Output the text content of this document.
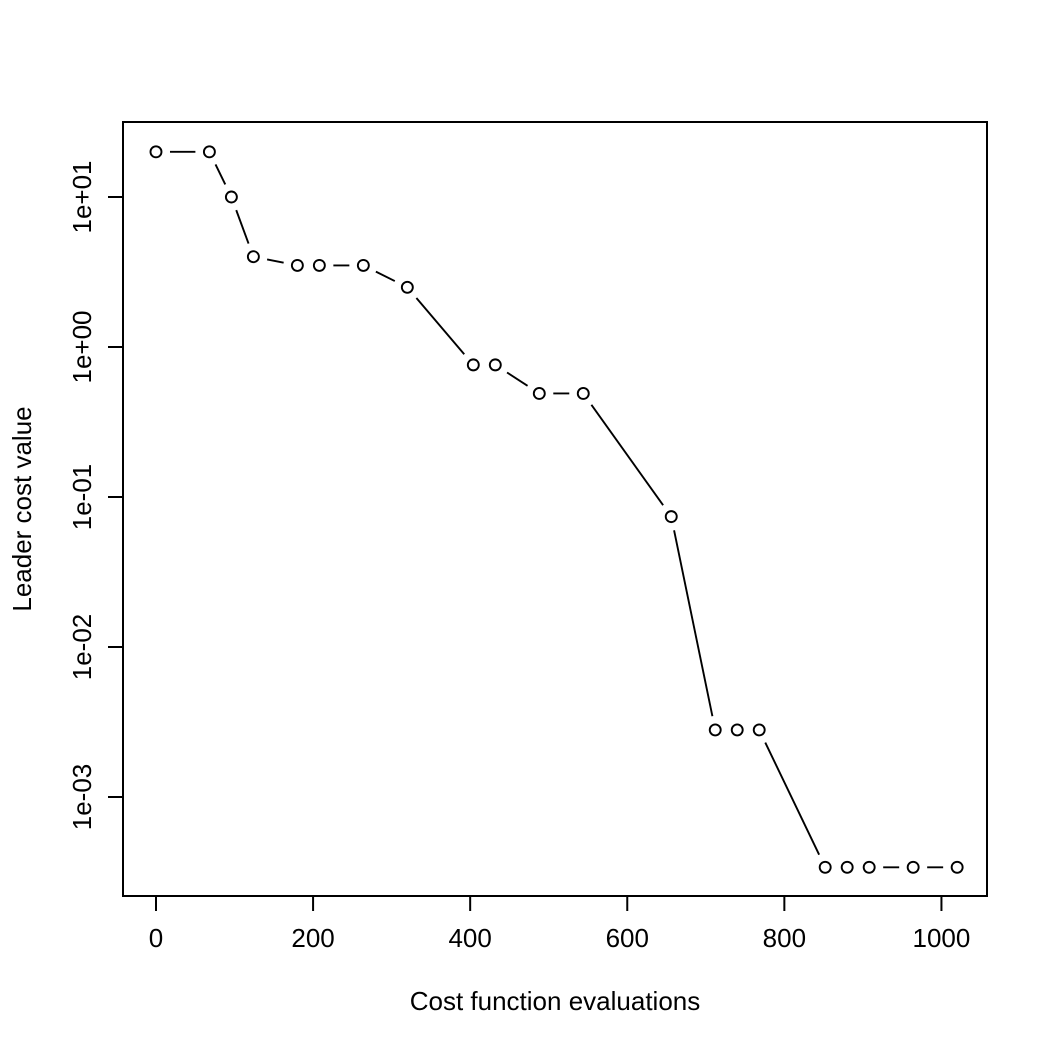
0	200	400	600	800	1000
1e+01
1e+00
1e-01
1e-02
1e-03
Cost function evaluations
Leader cost value
